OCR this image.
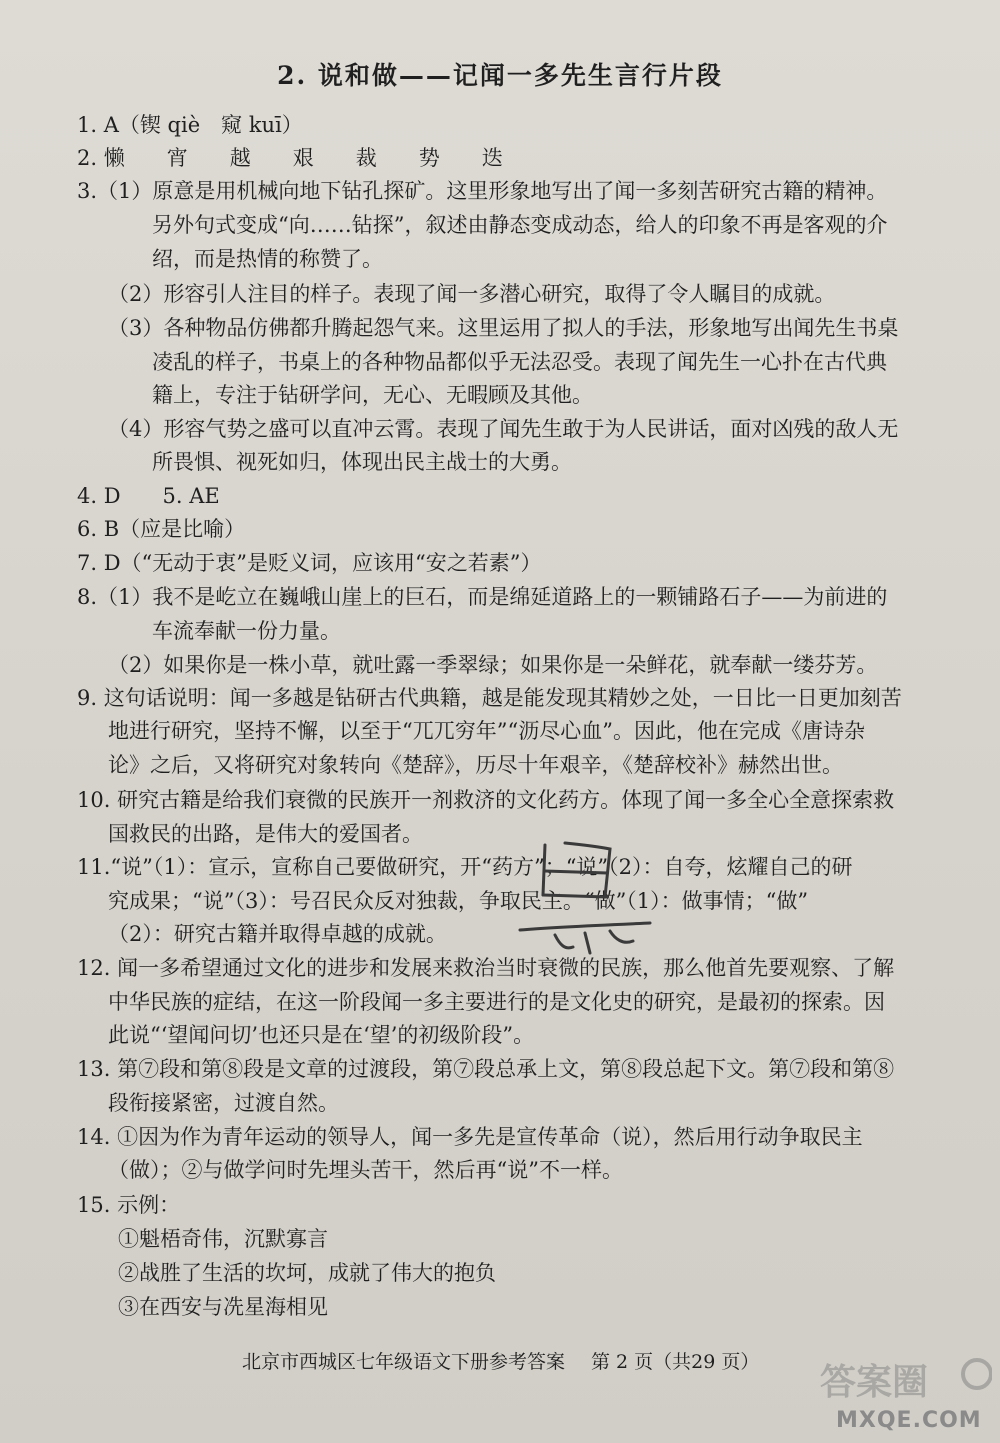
2. 说和做——记闻一多先生言行片段
1. A（锲 qiè　窥 kuī）
2. 懒　　宵　　越　　艰　　裁　　势　　迭
3.（1）原意是用机械向地下钻孔探矿。这里形象地写出了闻一多刻苦研究古籍的精神。
另外句式变成“向……钻探”，叙述由静态变成动态，给人的印象不再是客观的介
绍，而是热情的称赞了。
（2）形容引人注目的样子。表现了闻一多潜心研究，取得了令人瞩目的成就。
（3）各种物品仿佛都升腾起怨气来。这里运用了拟人的手法，形象地写出闻先生书桌
凌乱的样子，书桌上的各种物品都似乎无法忍受。表现了闻先生一心扑在古代典
籍上，专注于钻研学问，无心、无暇顾及其他。
（4）形容气势之盛可以直冲云霄。表现了闻先生敢于为人民讲话，面对凶残的敌人无
所畏惧、视死如归，体现出民主战士的大勇。
4. D　　5. AE
6. B（应是比喻）
7. D（“无动于衷”是贬义词，应该用“安之若素”）
8.（1）我不是屹立在巍峨山崖上的巨石，而是绵延道路上的一颗铺路石子——为前进的
车流奉献一份力量。
（2）如果你是一株小草，就吐露一季翠绿；如果你是一朵鲜花，就奉献一缕芬芳。
9. 这句话说明：闻一多越是钻研古代典籍，越是能发现其精妙之处，一日比一日更加刻苦
地进行研究，坚持不懈，以至于“兀兀穷年”“沥尽心血”。因此，他在完成《唐诗杂
论》之后，又将研究对象转向《楚辞》，历尽十年艰辛，《楚辞校补》赫然出世。
10. 研究古籍是给我们衰微的民族开一剂救济的文化药方。体现了闻一多全心全意探索救
国救民的出路，是伟大的爱国者。
11.“说”（1）：宣示，宣称自己要做研究，开“药方”；“说”（2）：自夸，炫耀自己的研
究成果；“说”（3）：号召民众反对独裁，争取民主。“做”（1）：做事情；“做”
（2）：研究古籍并取得卓越的成就。
12. 闻一多希望通过文化的进步和发展来救治当时衰微的民族，那么他首先要观察、了解
中华民族的症结，在这一阶段闻一多主要进行的是文化史的研究，是最初的探索。因
此说“‘望闻问切’也还只是在‘望’的初级阶段”。
13. 第⑦段和第⑧段是文章的过渡段，第⑦段总承上文，第⑧段总起下文。第⑦段和第⑧
段衔接紧密，过渡自然。
14. ①因为作为青年运动的领导人，闻一多先是宣传革命（说），然后用行动争取民主
（做）；②与做学问时先埋头苦干，然后再“说”不一样。
15. 示例：
①魁梧奇伟，沉默寡言
②战胜了生活的坎坷，成就了伟大的抱负
③在西安与冼星海相见
北京市西城区七年级语文下册参考答案 第 2 页（共29 页） 答案圈
MXQE.COM
